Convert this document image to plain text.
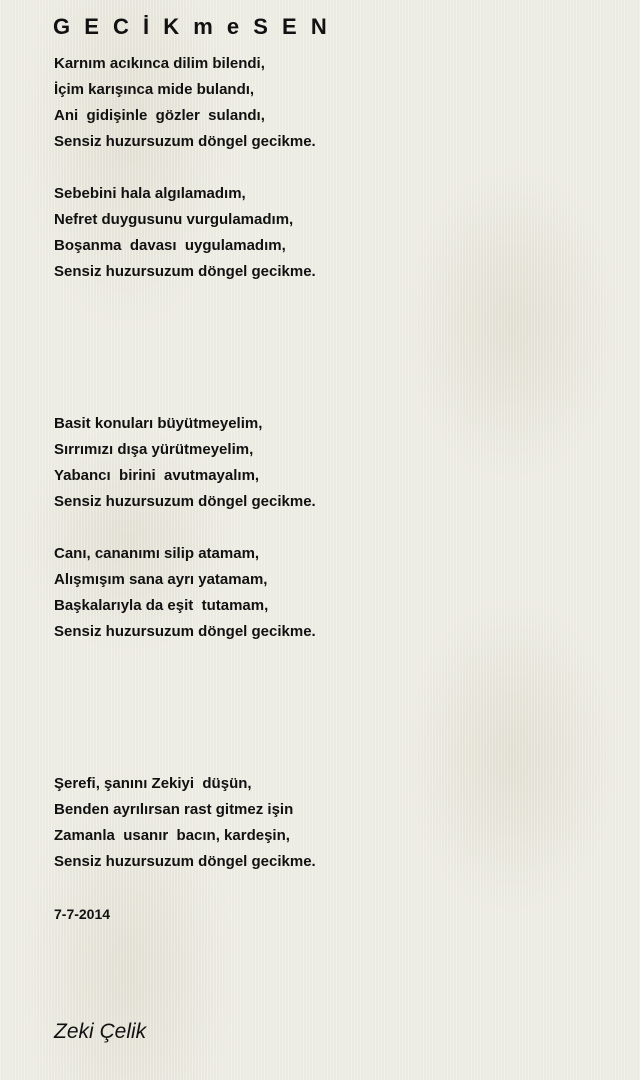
G E C İ K m e S E N
Karnım acıkınca dilim bilendi,
İçim karışınca mide bulandı,
Ani  gidişinle  gözler  sulandı,
Sensiz huzursuzum döngel gecikme.
Sebebini hala algılamadım,
Nefret duygusunu vurgulamadım,
Boşanma  davası  uygulamadım,
Sensiz huzursuzum döngel gecikme.
Basit konuları büyütmeyelim,
Sırrımızı dışa yürütmeyelim,
Yabancı  birini  avutmayalım,
Sensiz huzursuzum döngel gecikme.
Canı, cananımı silip atamam,
Alışmışım sana ayrı yatamam,
Başkalarıyla da eşit  tutamam,
Sensiz huzursuzum döngel gecikme.
Şerefi, şanını Zekiyi  düşün,
Benden ayrılırsan rast gitmez işin
Zamanla  usanır  bacın, kardeşin,
Sensiz huzursuzum döngel gecikme.
7-7-2014
Zeki Çelik
